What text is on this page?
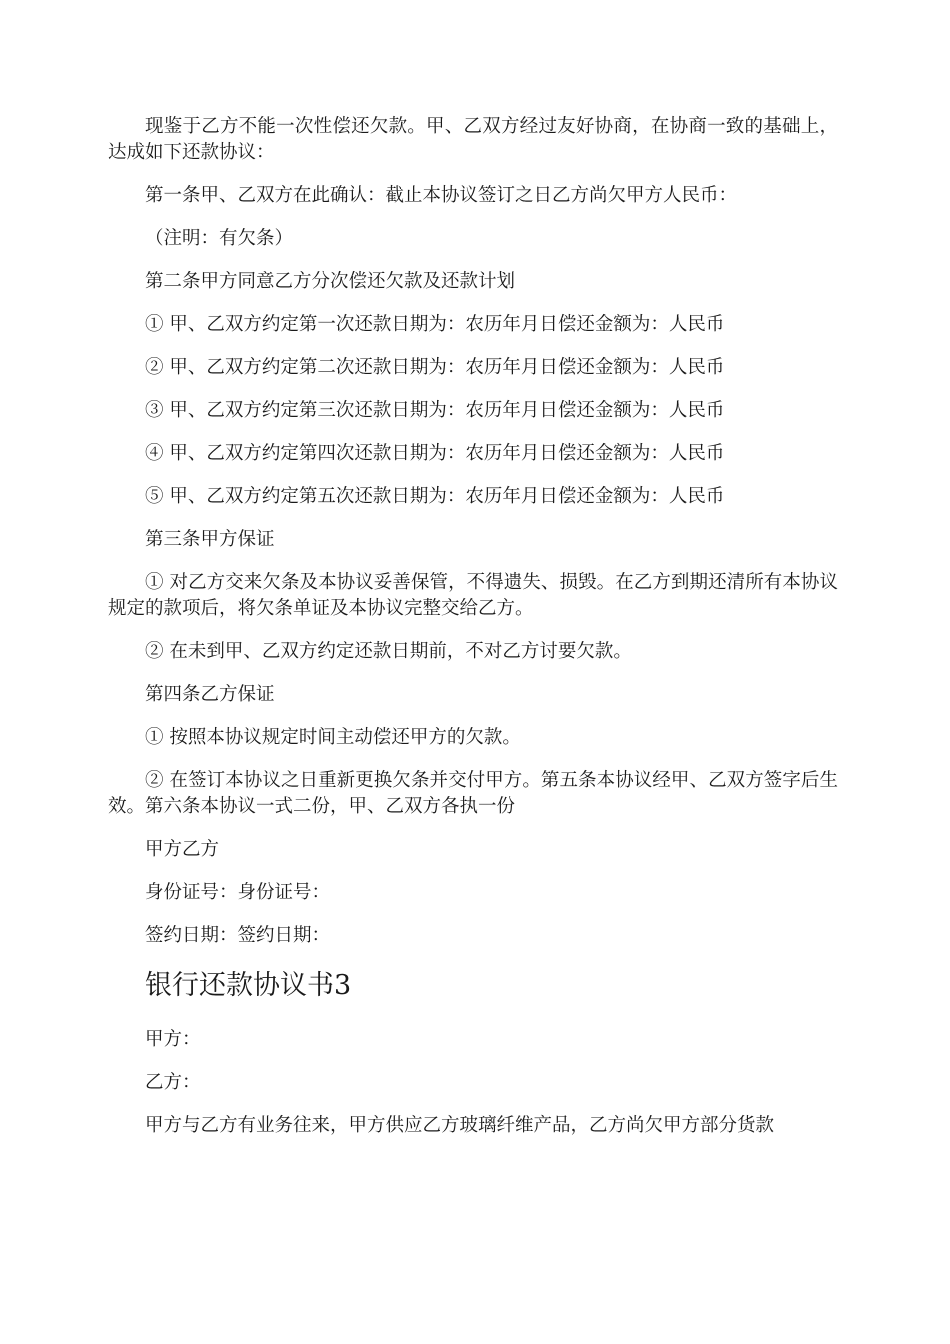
现鉴于乙方不能一次性偿还欠款。甲、乙双方经过友好协商，在协商一致的基础上，达成如下还款协议：

第一条甲、乙双方在此确认：截止本协议签订之日乙方尚欠甲方人民币：

（注明：有欠条）

第二条甲方同意乙方分次偿还欠款及还款计划

① 甲、乙双方约定第一次还款日期为：农历年月日偿还金额为：人民币

② 甲、乙双方约定第二次还款日期为：农历年月日偿还金额为：人民币

③ 甲、乙双方约定第三次还款日期为：农历年月日偿还金额为：人民币

④ 甲、乙双方约定第四次还款日期为：农历年月日偿还金额为：人民币

⑤ 甲、乙双方约定第五次还款日期为：农历年月日偿还金额为：人民币

第三条甲方保证

① 对乙方交来欠条及本协议妥善保管，不得遗失、损毁。在乙方到期还清所有本协议规定的款项后，将欠条单证及本协议完整交给乙方。

② 在未到甲、乙双方约定还款日期前，不对乙方讨要欠款。

第四条乙方保证

① 按照本协议规定时间主动偿还甲方的欠款。

② 在签订本协议之日重新更换欠条并交付甲方。第五条本协议经甲、乙双方签字后生效。第六条本协议一式二份，甲、乙双方各执一份

甲方乙方

身份证号：身份证号：

签约日期：签约日期：

银行还款协议书3

甲方：

乙方：

甲方与乙方有业务往来，甲方供应乙方玻璃纤维产品，乙方尚欠甲方部分货款
